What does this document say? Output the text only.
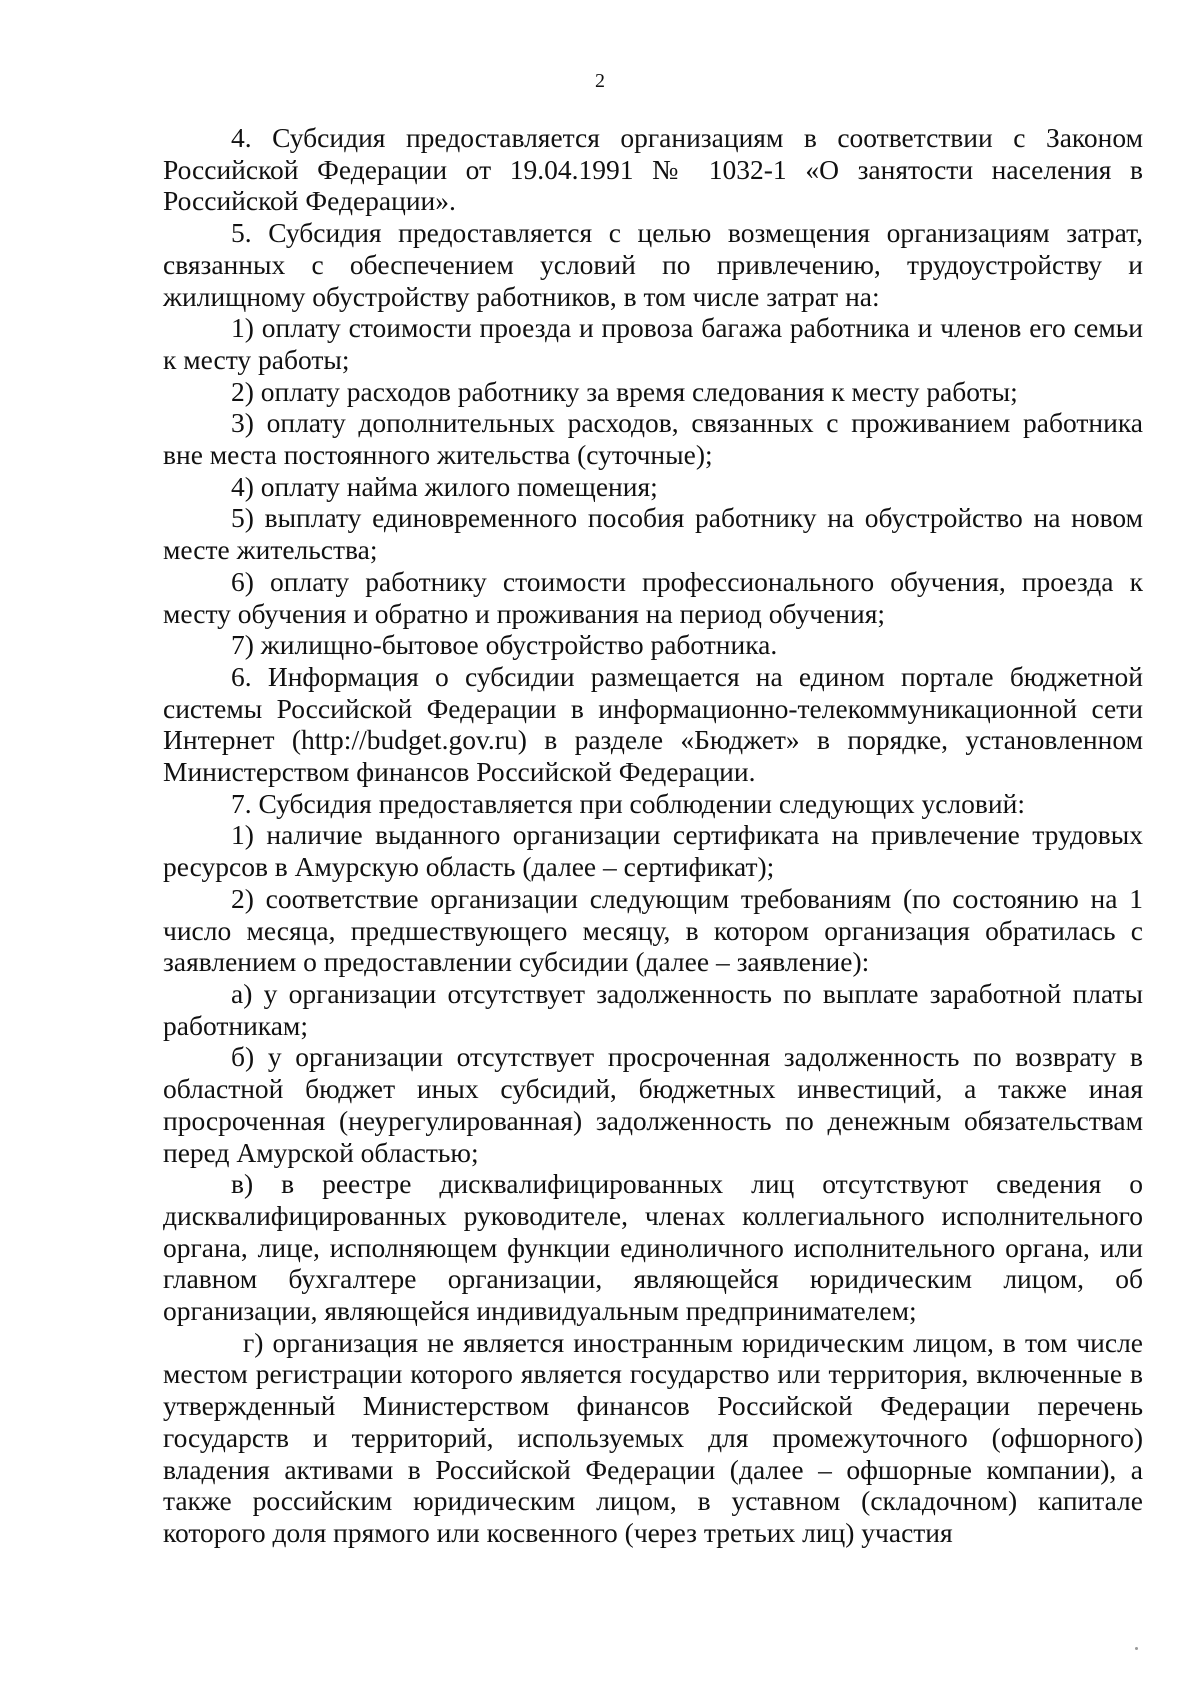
2

4. Субсидия предоставляется организациям в соответствии с Законом Российской Федерации от 19.04.1991 № 1032-1 «О занятости населения в Российской Федерации».

5. Субсидия предоставляется с целью возмещения организациям затрат, связанных с обеспечением условий по привлечению, трудоустройству и жилищному обустройству работников, в том числе затрат на:

1) оплату стоимости проезда и провоза багажа работника и членов его семьи к месту работы;

2) оплату расходов работнику за время следования к месту работы;

3) оплату дополнительных расходов, связанных с проживанием работника вне места постоянного жительства (суточные);

4) оплату найма жилого помещения;

5) выплату единовременного пособия работнику на обустройство на новом месте жительства;

6) оплату работнику стоимости профессионального обучения, проезда к месту обучения и обратно и проживания на период обучения;

7) жилищно-бытовое обустройство работника.

6. Информация о субсидии размещается на едином портале бюджетной системы Российской Федерации в информационно-телекоммуникационной сети Интернет (http://budget.gov.ru) в разделе «Бюджет» в порядке, установленном Министерством финансов Российской Федерации.

7. Субсидия предоставляется при соблюдении следующих условий:

1) наличие выданного организации сертификата на привлечение трудовых ресурсов в Амурскую область (далее – сертификат);

2) соответствие организации следующим требованиям (по состоянию на 1 число месяца, предшествующего месяцу, в котором организация обратилась с заявлением о предоставлении субсидии (далее – заявление):

а) у организации отсутствует задолженность по выплате заработной платы работникам;

б) у организации отсутствует просроченная задолженность по возврату в областной бюджет иных субсидий, бюджетных инвестиций, а также иная просроченная (неурегулированная) задолженность по денежным обязательствам перед Амурской областью;

в) в реестре дисквалифицированных лиц отсутствуют сведения о дисквалифицированных руководителе, членах коллегиального исполнительного органа, лице, исполняющем функции единоличного исполнительного органа, или главном бухгалтере организации, являющейся юридическим лицом, об организации, являющейся индивидуальным предпринимателем;

г) организация не является иностранным юридическим лицом, в том числе местом регистрации которого является государство или территория, включенные в утвержденный Министерством финансов Российской Федерации перечень государств и территорий, используемых для промежуточного (офшорного) владения активами в Российской Федерации (далее – офшорные компании), а также российским юридическим лицом, в уставном (складочном) капитале которого доля прямого или косвенного (через третьих лиц) участия
